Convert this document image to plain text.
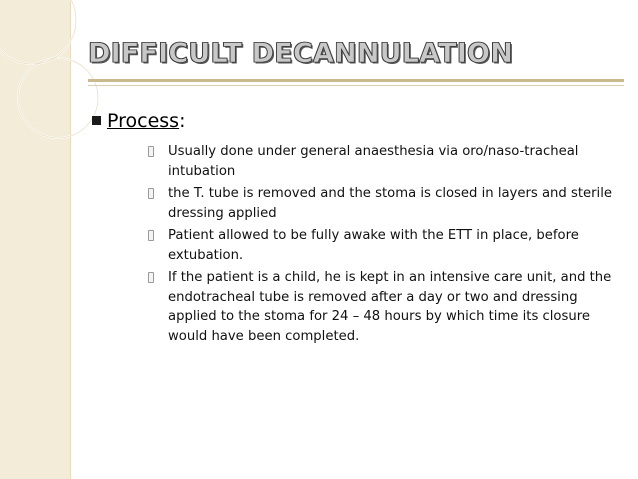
DIFFICULT DECANNULATION
Process :
Usually done under general anaesthesia via oro/naso-tracheal intubation
the T. tube is removed and the stoma is closed in layers and sterile dressing applied
Patient allowed to be fully awake with the ETT in place, before extubation.
If the patient is a child, he is kept in an intensive care unit, and the endotracheal tube is removed after a day or two and dressing applied to the stoma for 24 – 48 hours by which time its closure would have been completed.
